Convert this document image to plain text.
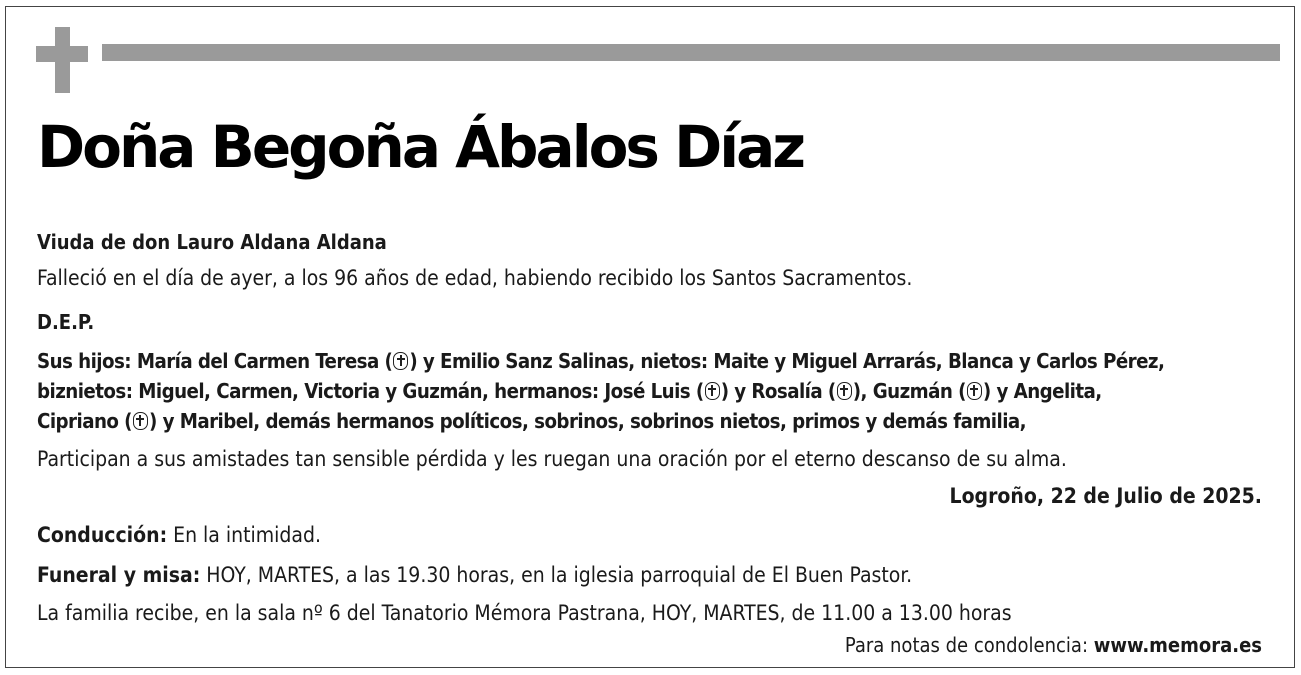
Doña Begoña Ábalos Díaz
Viuda de don Lauro Aldana Aldana
Falleció en el día de ayer, a los 96 años de edad, habiendo recibido los Santos Sacramentos.
D.E.P.
Sus hijos: María del Carmen Teresa ( ) y Emilio Sanz Salinas, nietos: Maite y Miguel Arrarás, Blanca y Carlos Pérez,
biznietos: Miguel, Carmen, Victoria y Guzmán, hermanos: José Luis ( ) y Rosalía ( ), Guzmán ( ) y Angelita,
Cipriano ( ) y Maribel, demás hermanos políticos, sobrinos, sobrinos nietos, primos y demás familia,
Participan a sus amistades tan sensible pérdida y les ruegan una oración por el eterno descanso de su alma.
Logroño, 22 de Julio de 2025.
Conducción: En la intimidad.
Funeral y misa: HOY, MARTES, a las 19.30 horas, en la iglesia parroquial de El Buen Pastor.
La familia recibe, en la sala nº 6 del Tanatorio Mémora Pastrana, HOY, MARTES, de 11.00 a 13.00 horas
Para notas de condolencia: www.memora.es
